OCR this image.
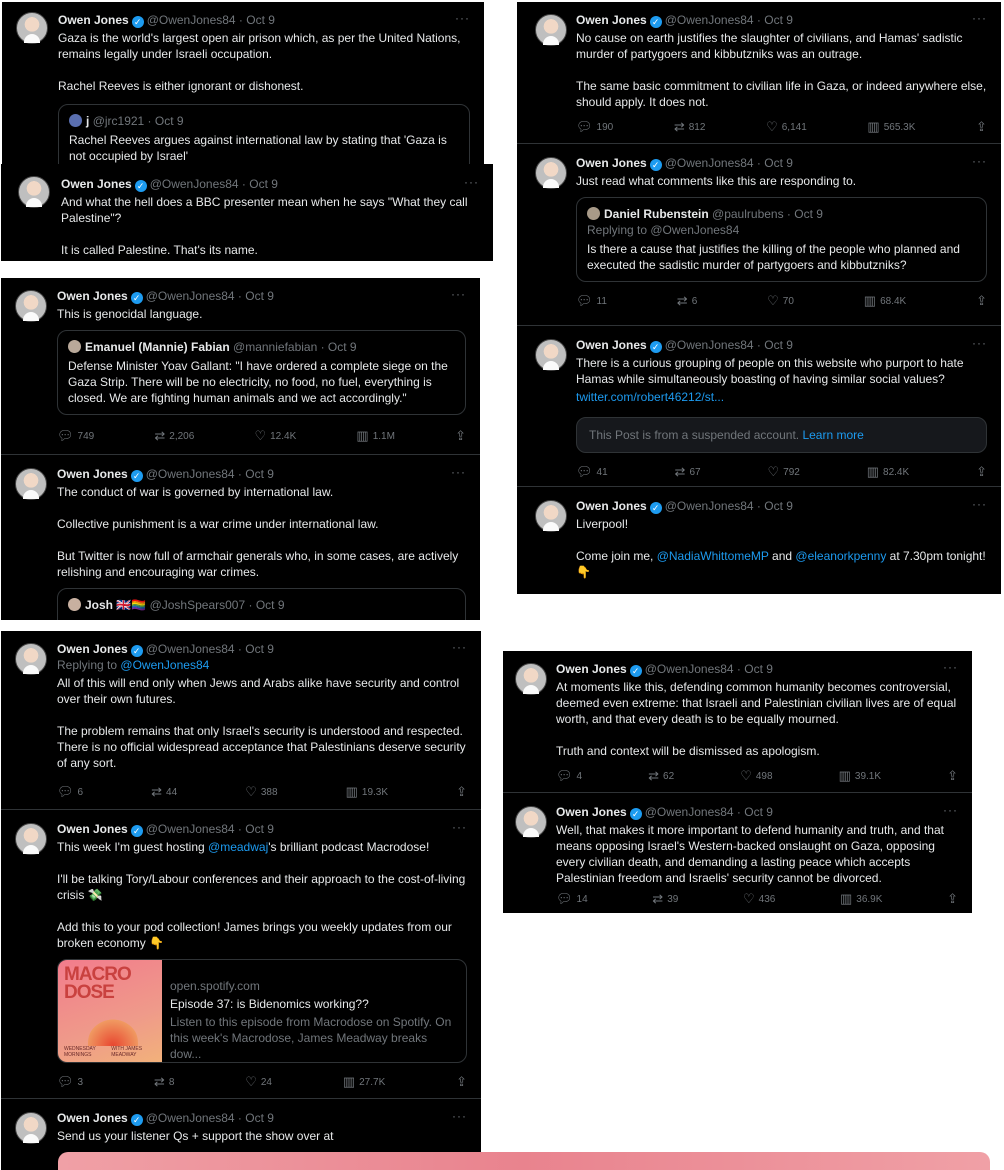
Owen Jones ✓ @OwenJones84 · Oct 9	···
Gaza is the world's largest open air prison which, as per the United Nations, remains legally under Israeli occupation.

Rachel Reeves is either ignorant or dishonest.
j @jrc1921 · Oct 9
Rachel Reeves argues against international law by stating that 'Gaza is not occupied by Israel'
Owen Jones ✓ @OwenJones84 · Oct 9	···
And what the hell does a BBC presenter mean when he says "What they call Palestine"?

It is called Palestine. That's its name.
Owen Jones ✓ @OwenJones84 · Oct 9	···
This is genocidal language.
Emanuel (Mannie) Fabian @manniefabian · Oct 9
Defense Minister Yoav Gallant: "I have ordered a complete siege on the Gaza Strip. There will be no electricity, no food, no fuel, everything is closed. We are fighting human animals and we act accordingly."
💬︎ 749	⇄ 2,206	♡ 12.4K	▥ 1.1M	⇪
Owen Jones ✓ @OwenJones84 · Oct 9	···
The conduct of war is governed by international law.

Collective punishment is a war crime under international law.

But Twitter is now full of armchair generals who, in some cases, are actively relishing and encouraging war crimes.
Josh 🇬🇧🏳️‍🌈 @JoshSpears007 · Oct 9
Owen Jones ✓ @OwenJones84 · Oct 9	···
Replying to @OwenJones84
All of this will end only when Jews and Arabs alike have security and control over their own futures.

The problem remains that only Israel's security is understood and respected. There is no official widespread acceptance that Palestinians deserve security of any sort.
💬︎ 6	⇄ 44	♡ 388	▥ 19.3K	⇪
Owen Jones ✓ @OwenJones84 · Oct 9	···
This week I'm guest hosting @meadwaj's brilliant podcast Macrodose!

I'll be talking Tory/Labour conferences and their approach to the cost-of-living crisis 💸

Add this to your pod collection! James brings you weekly updates from our broken economy 👇
MACRO DOSE
WEDNESDAY MORNINGS
WITH JAMES MEADWAY
open.spotify.com
Episode 37: is Bidenomics working??
Listen to this episode from Macrodose on Spotify. On this week's Macrodose, James Meadway breaks dow...
💬︎ 3	⇄ 8	♡ 24	▥ 27.7K	⇪
Owen Jones ✓ @OwenJones84 · Oct 9	···
Send us your listener Qs + support the show over at
Owen Jones ✓ @OwenJones84 · Oct 9	···
No cause on earth justifies the slaughter of civilians, and Hamas' sadistic murder of partygoers and kibbutzniks was an outrage.

The same basic commitment to civilian life in Gaza, or indeed anywhere else, should apply. It does not.
💬︎ 190	⇄ 812	♡ 6,141	▥ 565.3K	⇪
Owen Jones ✓ @OwenJones84 · Oct 9	···
Just read what comments like this are responding to.
Daniel Rubenstein @paulrubens · Oct 9
Replying to @OwenJones84
Is there a cause that justifies the killing of the people who planned and executed the sadistic murder of partygoers and kibbutzniks?
💬︎ 11	⇄ 6	♡ 70	▥ 68.4K	⇪
Owen Jones ✓ @OwenJones84 · Oct 9	···
There is a curious grouping of people on this website who purport to hate Hamas while simultaneously boasting of having similar social values?
twitter.com/robert46212/st...
This Post is from a suspended account. Learn more
💬︎ 41	⇄ 67	♡ 792	▥ 82.4K	⇪
Owen Jones ✓ @OwenJones84 · Oct 9	···
Liverpool!
Come join me, @NadiaWhittomeMP and @eleanorkpenny at 7.30pm tonight!
👇
Owen Jones ✓ @OwenJones84 · Oct 9	···
At moments like this, defending common humanity becomes controversial, deemed even extreme: that Israeli and Palestinian civilian lives are of equal worth, and that every death is to be equally mourned.

Truth and context will be dismissed as apologism.
💬︎ 4	⇄ 62	♡ 498	▥ 39.1K	⇪
Owen Jones ✓ @OwenJones84 · Oct 9	···
Well, that makes it more important to defend humanity and truth, and that means opposing Israel's Western-backed onslaught on Gaza, opposing every civilian death, and demanding a lasting peace which accepts Palestinian freedom and Israelis' security cannot be divorced.
💬︎ 14	⇄ 39	♡ 436	▥ 36.9K	⇪
